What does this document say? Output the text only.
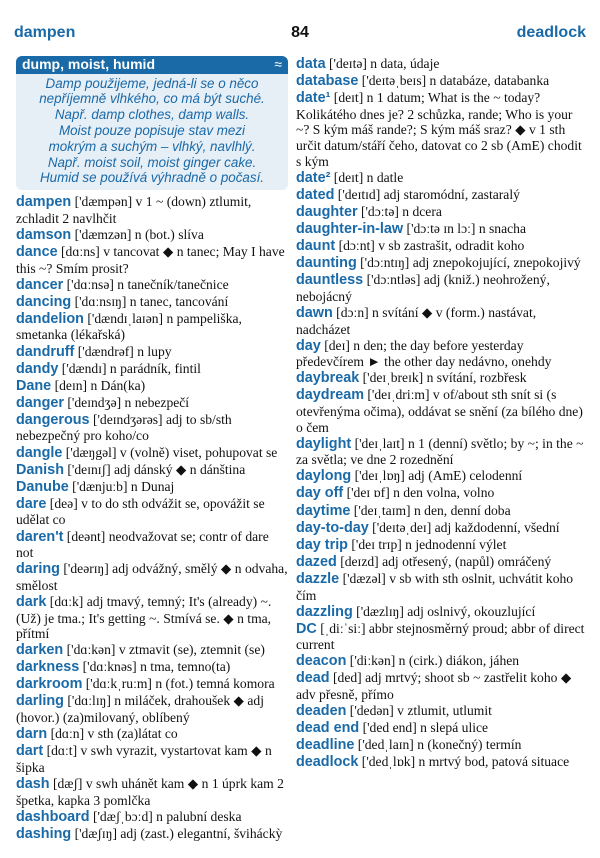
dampen	84	deadlock
dump, moist, humid	≈
Damp použijeme, jedná-li se o něco
nepříjemně vlhkého, co má být suché.
Např. damp clothes, damp walls.
Moist pouze popisuje stav mezi
mokrým a suchým – vlhký, navlhlý.
Např. moist soil, moist ginger cake.
Humid se používá výhradně o počasí.
dampen ['dæmpən] v 1 ~ (down) ztlumit, zchladit 2 navlhčit
damson ['dæmzən] n (bot.) slíva
dance [dɑːns] v tancovat ◆ n tanec; May I have this ~? Smím prosit?
dancer ['dɑːnsə] n tanečník/tanečnice
dancing ['dɑːnsɪŋ] n tanec, tancování
dandelion ['dændɪˌlaɪən] n pampeliška, smetanka (lékařská)
dandruff ['dændrəf] n lupy
dandy ['dændɪ] n parádník, fintil
Dane [deɪn] n Dán(ka)
danger ['deɪndʒə] n nebezpečí
dangerous ['deɪndʒərəs] adj to sb/sth nebezpečný pro koho/co
dangle ['dæŋgəl] v (volně) viset, pohupovat se
Danish ['deɪnɪʃ] adj dánský ◆ n dánština
Danube ['dænjuːb] n Dunaj
dare [deə] v to do sth odvážit se, opovážit se udělat co
daren't [deənt] neodvažovat se; contr of dare not
daring ['deərɪŋ] adj odvážný, smělý ◆ n odvaha, smělost
dark [dɑːk] adj tmavý, temný; It's (already) ~. (Už) je tma.; It's getting ~. Stmívá se. ◆ n tma, přítmí
darken ['dɑːkən] v ztmavit (se), ztemnit (se)
darkness ['dɑːknəs] n tma, temno(ta)
darkroom ['dɑːkˌruːm] n (fot.) temná komora
darling ['dɑːlɪŋ] n miláček, drahoušek ◆ adj (hovor.) (za)milovaný, oblíbený
darn [dɑːn] v sth (za)látat co
dart [dɑːt] v swh vyrazit, vystartovat kam ◆ n šipka
dash [dæʃ] v swh uhánět kam ◆ n 1 úprk kam 2 špetka, kapka 3 pomlčka
dashboard ['dæʃˌbɔːd] n palubní deska
dashing ['dæʃɪŋ] adj (zast.) elegantní, šviháckỳ
data ['deɪtə] n data, údaje
database ['deɪtəˌbeɪs] n databáze, databanka
date¹ [deɪt] n 1 datum; What is the ~ today? Kolikátého dnes je? 2 schůzka, rande; Who is your ~? S kým máš rande?; S kým máš sraz? ◆ v 1 sth určit datum/stáří čeho, datovat co 2 sb (AmE) chodit s kým
date² [deɪt] n datle
dated ['deɪtɪd] adj staromódní, zastaralý
daughter ['dɔːtə] n dcera
daughter-in-law ['dɔːtə ɪn lɔː] n snacha
daunt [dɔːnt] v sb zastrašit, odradit koho
daunting ['dɔːntɪŋ] adj znepokojující, znepokojivý
dauntless ['dɔːntləs] adj (kniž.) neohrožený, nebojácný
dawn [dɔːn] n svítání ◆ v (form.) nastávat, nadcházet
day [deɪ] n den; the day before yesterday předevčírem ► the other day nedávno, onehdy
daybreak ['deɪˌbreɪk] n svítání, rozbřesk
daydream ['deɪˌdriːm] v of/about sth snít si (s otevřenýma očima), oddávat se snění (za bílého dne) o čem
daylight ['deɪˌlaɪt] n 1 (denní) světlo; by ~; in the ~ za světla; ve dne 2 rozednění
daylong ['deɪˌlɒŋ] adj (AmE) celodenní
day off ['deɪ ɒf] n den volna, volno
daytime ['deɪˌtaɪm] n den, denní doba
day-to-day ['deɪtəˌdeɪ] adj každodenní, všední
day trip ['deɪ trɪp] n jednodenní výlet
dazed [deɪzd] adj otřesený, (napůl) omráčený
dazzle ['dæzəl] v sb with sth oslnit, uchvátit koho čím
dazzling ['dæzlɪŋ] adj oslnivý, okouzlující
DC [ˌdiːˈsiː] abbr stejnosměrný proud; abbr of direct current
deacon ['diːkən] n (cirk.) diákon, jáhen
dead [ded] adj mrtvý; shoot sb ~ zastřelit koho ◆ adv přesně, přímo
deaden ['dedən] v ztlumit, utlumit
dead end ['ded end] n slepá ulice
deadline ['dedˌlaɪn] n (konečný) termín
deadlock ['dedˌlɒk] n mrtvý bod, patová situace
